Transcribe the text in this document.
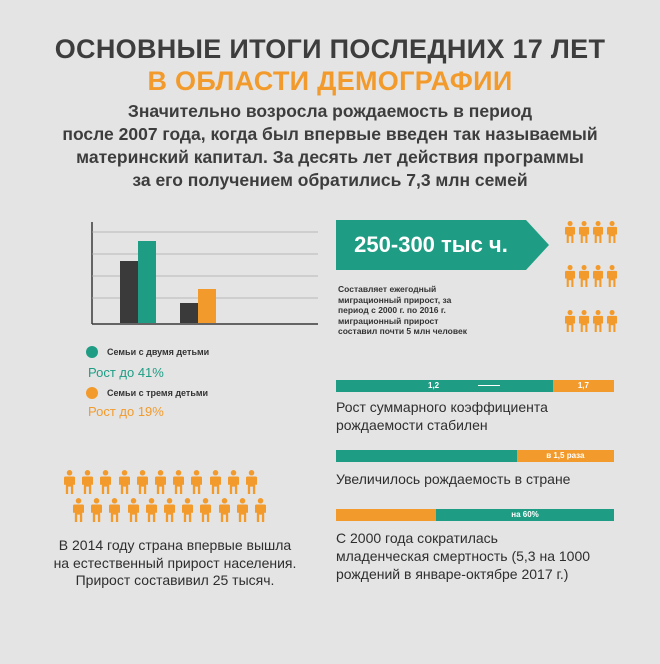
ОСНОВНЫЕ ИТОГИ ПОСЛЕДНИХ 17 ЛЕТ
В ОБЛАСТИ ДЕМОГРАФИИ
Значительно возросла рождаемость в период
после 2007 года, когда был впервые введен так называемый
материнский капитал. За десять лет действия программы
за его получением обратились 7,3 млн семей
Семьи с двумя детьми
Рост до 41%
Семьи с тремя детьми
Рост до 19%
250-300 тыс ч.
Составляет ежегодный
миграционный прирост, за
период с 2000 г. по 2016 г.
миграционный прирост
составил почти 5 млн человек
1,2	1,7
Рост суммарного коэффициента
рождаемости стабилен
в 1,5 раза
Увеличилось рождаемость в стране
на 60%
С 2000 года сократилась
младенческая смертность (5,3 на 1000
рождений в январе-октябре 2017 г.)
В 2014 году страна впервые вышла
на естественный прирост населения.
Прирост составивил 25 тысяч.
